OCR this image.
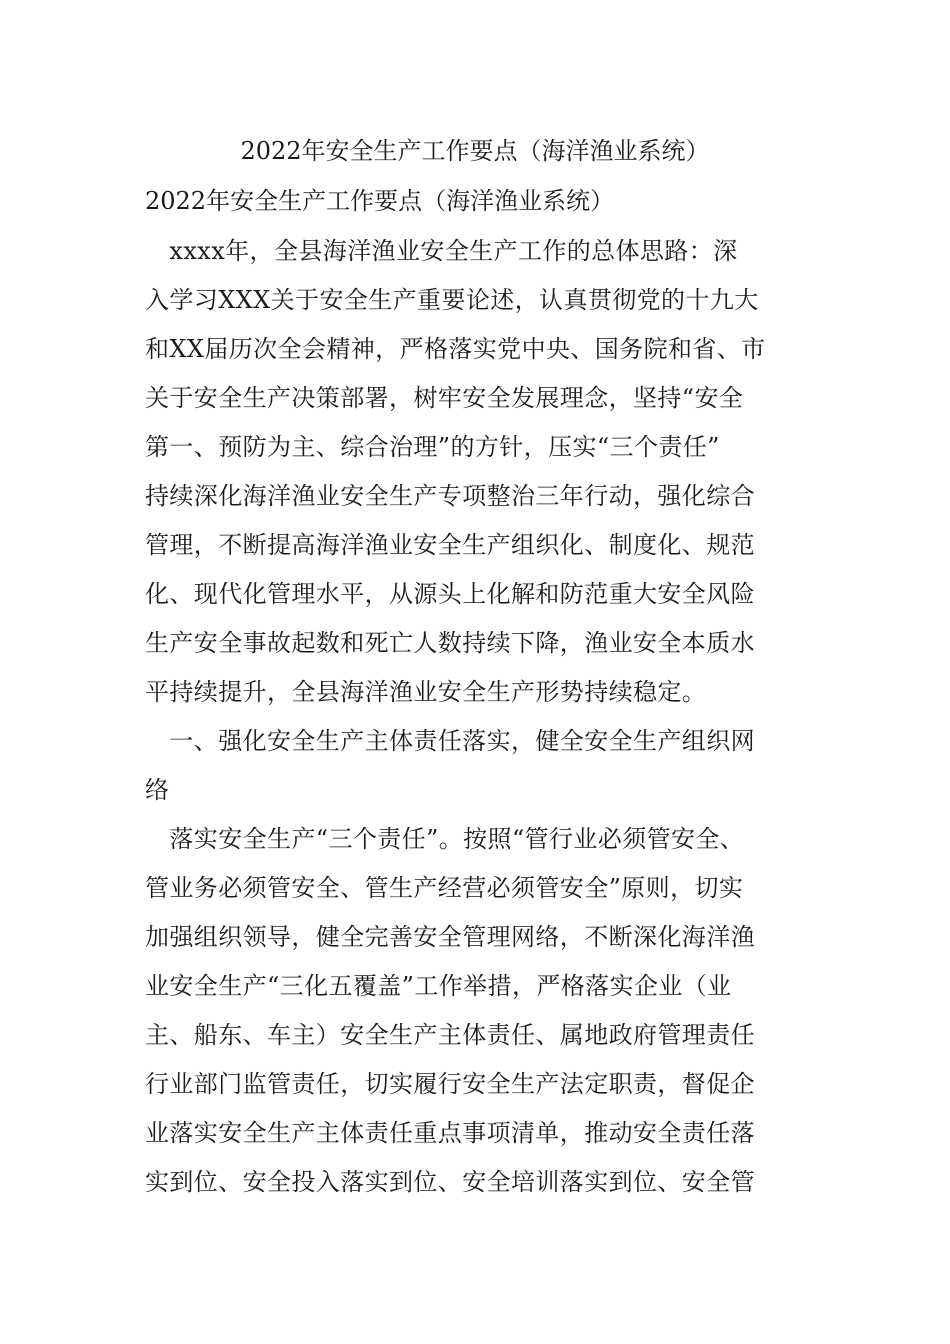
2022年安全生产工作要点（海洋渔业系统）
2022年安全生产工作要点（海洋渔业系统）
　xxxx年，全县海洋渔业安全生产工作的总体思路：深
入学习XXX关于安全生产重要论述，认真贯彻党的十九大
和XX届历次全会精神，严格落实党中央、国务院和省、市
关于安全生产决策部署，树牢安全发展理念，坚持“安全
第一、预防为主、综合治理”的方针，压实“三个责任”
持续深化海洋渔业安全生产专项整治三年行动，强化综合
管理，不断提高海洋渔业安全生产组织化、制度化、规范
化、现代化管理水平，从源头上化解和防范重大安全风险
生产安全事故起数和死亡人数持续下降，渔业安全本质水
平持续提升，全县海洋渔业安全生产形势持续稳定。
　一、强化安全生产主体责任落实，健全安全生产组织网
络
　落实安全生产“三个责任”。按照“管行业必须管安全、
管业务必须管安全、管生产经营必须管安全”原则，切实
加强组织领导，健全完善安全管理网络，不断深化海洋渔
业安全生产“三化五覆盖”工作举措，严格落实企业（业
主、船东、车主）安全生产主体责任、属地政府管理责任
行业部门监管责任，切实履行安全生产法定职责，督促企
业落实安全生产主体责任重点事项清单，推动安全责任落
实到位、安全投入落实到位、安全培训落实到位、安全管
